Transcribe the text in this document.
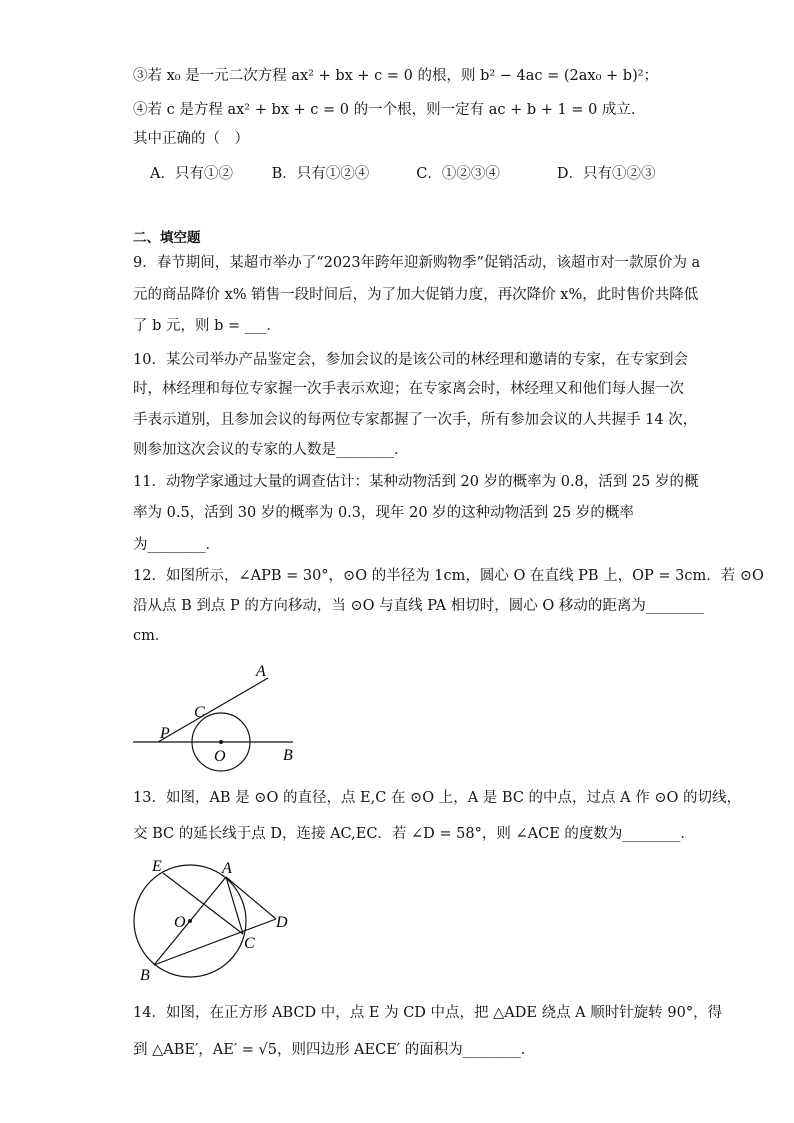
③若 x₀ 是一元二次方程 ax² + bx + c = 0 的根，则 b² − 4ac = (2ax₀ + b)²；
④若 c 是方程 ax² + bx + c = 0 的一个根，则一定有 ac + b + 1 = 0 成立．
其中正确的（　）
A．只有①②	B．只有①②④	C．①②③④	D．只有①②③
二、填空题
9．春节期间，某超市举办了“2023年跨年迎新购物季”促销活动，该超市对一款原价为 a
元的商品降价 x% 销售一段时间后，为了加大促销力度，再次降价 x%，此时售价共降低
了 b 元，则 b = ___．
10．某公司举办产品鉴定会，参加会议的是该公司的林经理和邀请的专家，在专家到会
时，林经理和每位专家握一次手表示欢迎；在专家离会时，林经理又和他们每人握一次
手表示道别，且参加会议的每两位专家都握了一次手，所有参加会议的人共握手 14 次，
则参加这次会议的专家的人数是________．
11．动物学家通过大量的调查估计：某种动物活到 20 岁的概率为 0.8，活到 25 岁的概
率为 0.5，活到 30 岁的概率为 0.3，现年 20 岁的这种动物活到 25 岁的概率
为________．
12．如图所示，∠APB = 30°，⊙O 的半径为 1cm，圆心 O 在直线 PB 上，OP = 3cm．若 ⊙O
沿从点 B 到点 P 的方向移动，当 ⊙O 与直线 PA 相切时，圆心 O 移动的距离为________
cm．
A
C
P
O	B
13．如图，AB 是 ⊙O 的直径，点 E,C 在 ⊙O 上，A 是 BC 的中点，过点 A 作 ⊙O 的切线，
交 BC 的延长线于点 D，连接 AC,EC．若 ∠D = 58°，则 ∠ACE 的度数为________．
E	A
O	D
C
B
14．如图，在正方形 ABCD 中，点 E 为 CD 中点，把 △ADE 绕点 A 顺时针旋转 90°，得
到 △ABE′，AE′ = √5，则四边形 AECE′ 的面积为________．
